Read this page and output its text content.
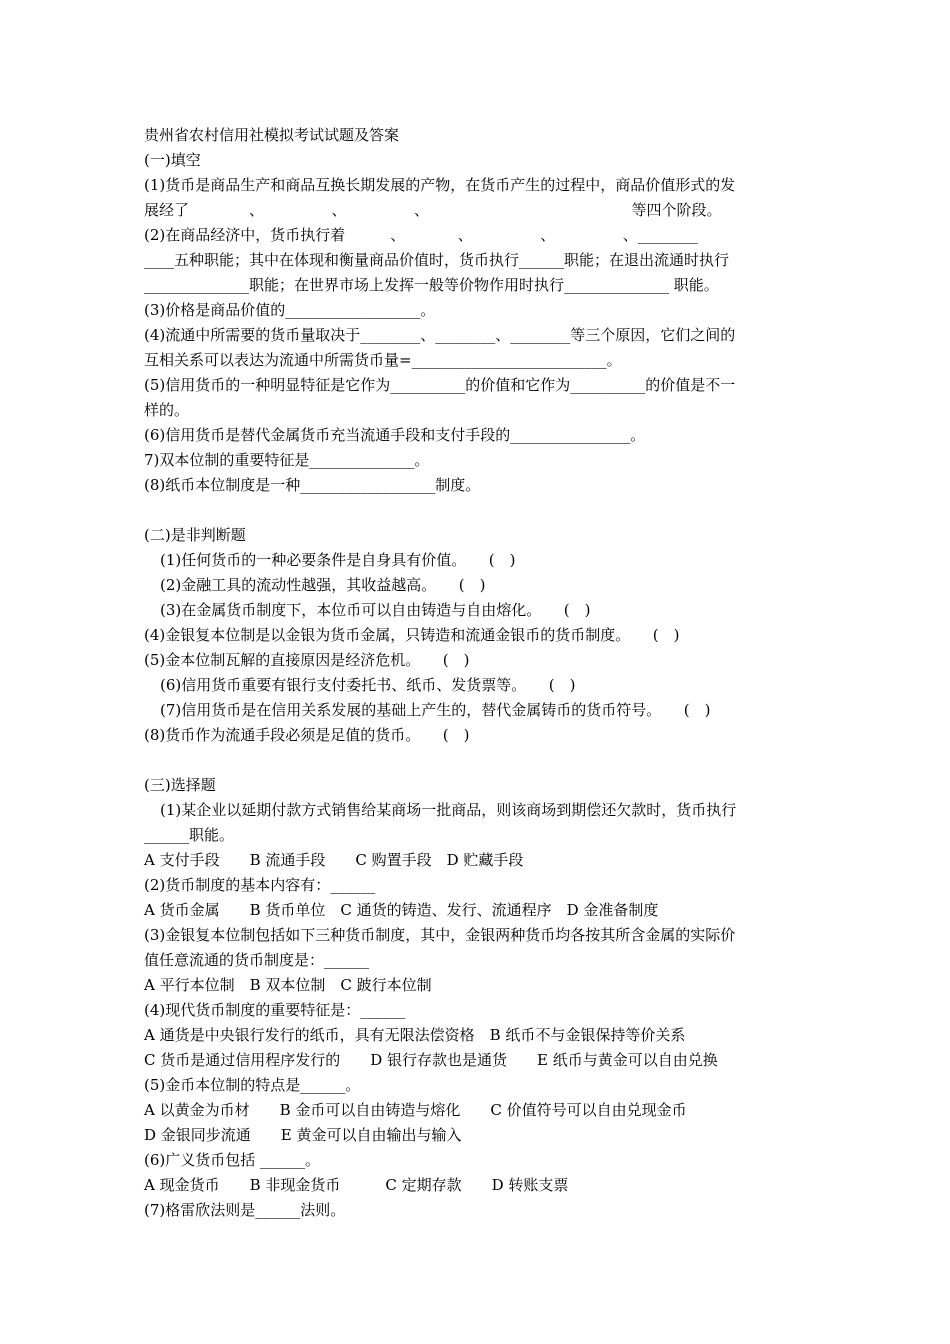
贵州省农村信用社模拟考试试题及答案
(一)填空
(1)货币是商品生产和商品互换长期发展的产物，在货币产生的过程中，商品价值形式的发
展经了　　　　、　　　　　、　　　　　、　　　　　　　　　　　　　　等四个阶段。
(2)在商品经济中，货币执行着　　　、　　　　、　　　　　、　　　　　、________
____五种职能；其中在体现和衡量商品价值时，货币执行______职能；在退出流通时执行
______________职能；在世界市场上发挥一般等价物作用时执行______________ 职能。
(3)价格是商品价值的__________________。
(4)流通中所需要的货币量取决于________、________、________等三个原因，它们之间的
互相关系可以表达为流通中所需货币量=__________________________。
(5)信用货币的一种明显特征是它作为__________的价值和它作为__________的价值是不一
样的。
(6)信用货币是替代金属货币充当流通手段和支付手段的________________。
7)双本位制的重要特征是______________。
(8)纸币本位制度是一种__________________制度。
(二)是非判断题
(1)任何货币的一种必要条件是自身具有价值。　　(　)
(2)金融工具的流动性越强，其收益越高。　　(　)
(3)在金属货币制度下，本位币可以自由铸造与自由熔化。　　(　)
(4)金银复本位制是以金银为货币金属，只铸造和流通金银币的货币制度。　　(　)
(5)金本位制瓦解的直接原因是经济危机。　　(　)
(6)信用货币重要有银行支付委托书、纸币、发货票等。　　(　)
(7)信用货币是在信用关系发展的基础上产生的，替代金属铸币的货币符号。　　(　)
(8)货币作为流通手段必须是足值的货币。　　(　)
(三)选择题
(1)某企业以延期付款方式销售给某商场一批商品，则该商场到期偿还欠款时，货币执行
______职能。
A 支付手段　　B 流通手段　　C 购置手段　D 贮藏手段
(2)货币制度的基本内容有：______
A 货币金属　　B 货币单位　C 通货的铸造、发行、流通程序　D 金准备制度
(3)金银复本位制包括如下三种货币制度，其中，金银两种货币均各按其所含金属的实际价
值任意流通的货币制度是：______
A 平行本位制　B 双本位制　C 跛行本位制
(4)现代货币制度的重要特征是：______
A 通货是中央银行发行的纸币，具有无限法偿资格　B 纸币不与金银保持等价关系
C 货币是通过信用程序发行的　　D 银行存款也是通货　　E 纸币与黄金可以自由兑换
(5)金币本位制的特点是______。
A 以黄金为币材　　B 金币可以自由铸造与熔化　　C 价值符号可以自由兑现金币
D 金银同步流通　　E 黄金可以自由输出与输入
(6)广义货币包括 ______。
A 现金货币　　B 非现金货币　　　C 定期存款　　D 转账支票
(7)格雷欣法则是______法则。
